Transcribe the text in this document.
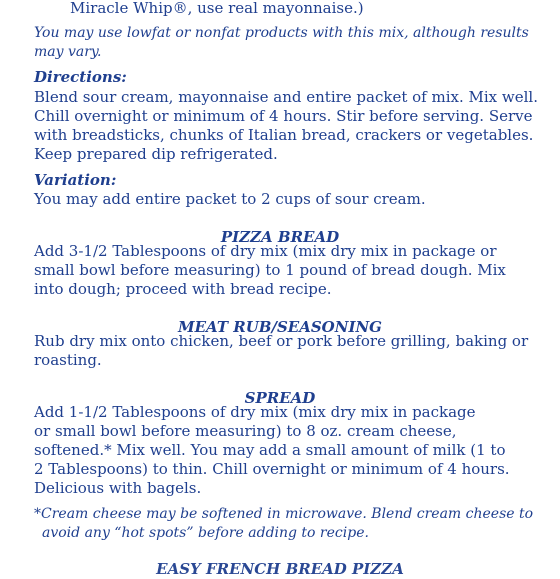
Miracle Whip®, use real mayonnaise.)

You may use lowfat or nonfat products with this mix, although results

may vary.

Directions:

Blend sour cream, mayonnaise and entire packet of mix. Mix well.

Chill overnight or minimum of 4 hours. Stir before serving. Serve

with breadsticks, chunks of Italian bread, crackers or vegetables.

Keep prepared dip refrigerated.

Variation:

You may add entire packet to 2 cups of sour cream.

PIZZA BREAD

Add 3-1/2 Tablespoons of dry mix (mix dry mix in package or

small bowl before measuring) to 1 pound of bread dough. Mix

into dough; proceed with bread recipe.

MEAT RUB/SEASONING

Rub dry mix onto chicken, beef or pork before grilling, baking or

roasting.

SPREAD

Add 1-1/2 Tablespoons of dry mix (mix dry mix in package

or small bowl before measuring) to 8 oz. cream cheese,

softened.* Mix well. You may add a small amount of milk (1 to

2 Tablespoons) to thin. Chill overnight or minimum of 4 hours.

Delicious with bagels.

*Cream cheese may be softened in microwave. Blend cream cheese to

avoid any “hot spots” before adding to recipe.

EASY FRENCH BREAD PIZZA
